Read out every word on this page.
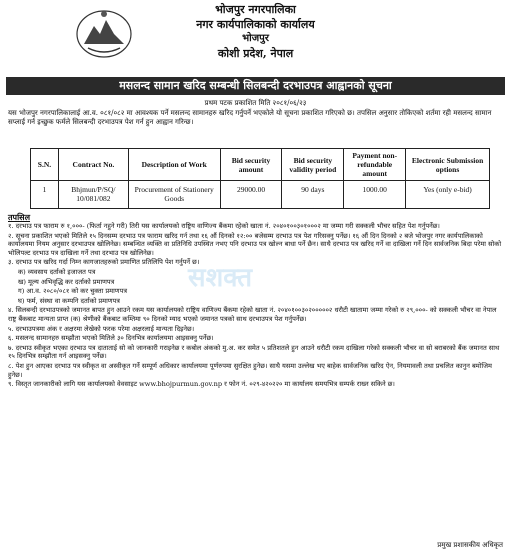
भोजपुर नगरपालिका
नगर कार्यपालिकाको कार्यालय
भोजपुर
कोशी प्रदेश, नेपाल
मसलन्द सामान खरिद सम्बन्धी सिलबन्दी दरभाउपत्र आह्वानको सूचना
प्रथम पटक प्रकाशित मिति २०८१/०६/२३
यस भोजपुर नगरपालिकालाई आ.व. ०८१/०८२ मा आवश्यक पर्ने मसलन्द सामानहरु खरिद गर्नुपर्ने भएकोले यो सूचना प्रकाशित गरिएको छ। तपसिल अनुसार तोकिएको शर्तमा रही मसलन्द सामान सप्लाई गर्न इच्छुक फर्मले सिलबन्दी दरभाउपत्र पेश गर्न हुन आह्वान गरिन्छ।
S.N.	Contract No.	Description of Work	Bid security amount	Bid security validity period	Payment non-refundable amount	Electronic Submission options
1	Bhjmun/P/SQ/ 10/081/082	Procurement of Stationery Goods	29000.00	90 days	1000.00	Yes (only e-bid)
तपसिल
१. दरभाउ पत्र फाराम रु १,०००- (फिर्ता नहुने गरी) तिरी यस कार्यालयको राष्ट्रिय वाणिज्य बैंकमा रहेको खाता नं. २०४०१००३०१०००२ मा जम्मा गरी सक्कली भौचर सहित पेश गर्नुपर्नेछ।
२. सूचना प्रकाशित भएको मितिले १५ दिनसम्म दरभाउ पत्र फाराम खरिद गर्न तथा १६ औं दिनको १२:०० बजेसम्म दरभाउ पत्र पेश गरिसक्नु पर्नेछ। १६ औं दिन दिनको २ बजे भोजपुर नगर कार्यपालिकाको कार्यालयमा नियम अनुसार दरभाउपत्र खोलिनेछ। सम्बन्धित व्यक्ति वा प्रतिनिधि उपस्थित नभए पनि दरभाउ पत्र खोल्न बाधा पर्ने छैन। साथै दरभाउ पत्र खरिद गर्ने वा दाखिला गर्ने दिन सार्वजनिक बिदा परेमा सोको भोलिपल्ट दरभाउ पत्र दाखिला गर्ने तथा दरभाउ पत्र खोलिनेछ।
३. दरभाउ पत्र खरिद गर्दा निम्न कागजातहरुको प्रमाणित प्रतिलिपि पेश गर्नुपर्ने छ।
क) व्यवसाय दर्ताको इजाजत पत्र
ख) मूल्य अभिवृद्धि कर दर्ताको प्रमाणपत्र
ग) आ.व. २०८०/०८१ को कर चुक्ता प्रमाणपत्र
घ) फर्म, संस्था वा कम्पनि दर्ताको प्रमाणपत्र
४. सिलबन्दी दरभाउपत्रको जमानत बापत हुन आउने रकम यस कार्यालयको राष्ट्रिय वाणिज्य बैंकमा रहेको खाता नं. २०४०१००३०२०००००२ धरौटी खातामा जम्मा गरेको रु २९,०००- को सक्कली भौचर वा नेपाल राष्ट्र बैंकबाट मान्यता प्राप्त (क) श्रेणीको बैंकबाट कम्तिमा ९० दिनको म्याद भएको जमानत पत्रको साथ दरभाउपत्र पेश गर्नुपर्नेछ।
५. दरभाउपत्रमा अंक र अक्षरमा लेखेको फरक परेमा अक्षरलाई मान्यता दिइनेछ।
६. मसलन्द सामानहरु सम्झौता भएको मितिले ३० दिनभित्र कार्यालयमा आइसक्नु पर्नेछ।
७. दरभाउ स्वीकृत भएका दरभाउ पत्र दाताताई सो को जानकारी गराइनेछ र कबोल अंकको मु.अ. कर समेत ५ प्रतिशतले हुन आउने धरौटी रकम दाखिला गरेको सक्कली भौचर वा सो बराबरको बैंक जमानत साथ १५ दिनभित्र सम्झौता गर्न आइसक्नु पर्नेछ।
८. पेश हुन आएका दरभाउ पत्र स्वीकृत वा अस्वीकृत गर्ने सम्पूर्ण अधिकार कार्यालयमा पूर्णरुपमा सुरक्षित हुनेछ। साथै यसमा उल्लेख भए बाहेक सार्वजनिक खरिद ऐन, नियमावली तथा प्रचलित कानुन बमोजिम हुनेछ।
९. विस्तृत जानकारीको लागि यस कार्यालयको वेवसाइट www.bhojpurmun.gov.np र फोन नं. ०२९-४२०२२० मा कार्यालय समयभित्र सम्पर्क राख्न सकिने छ।
सशक्त
प्रमुख प्रशासकीय अधिकृत
